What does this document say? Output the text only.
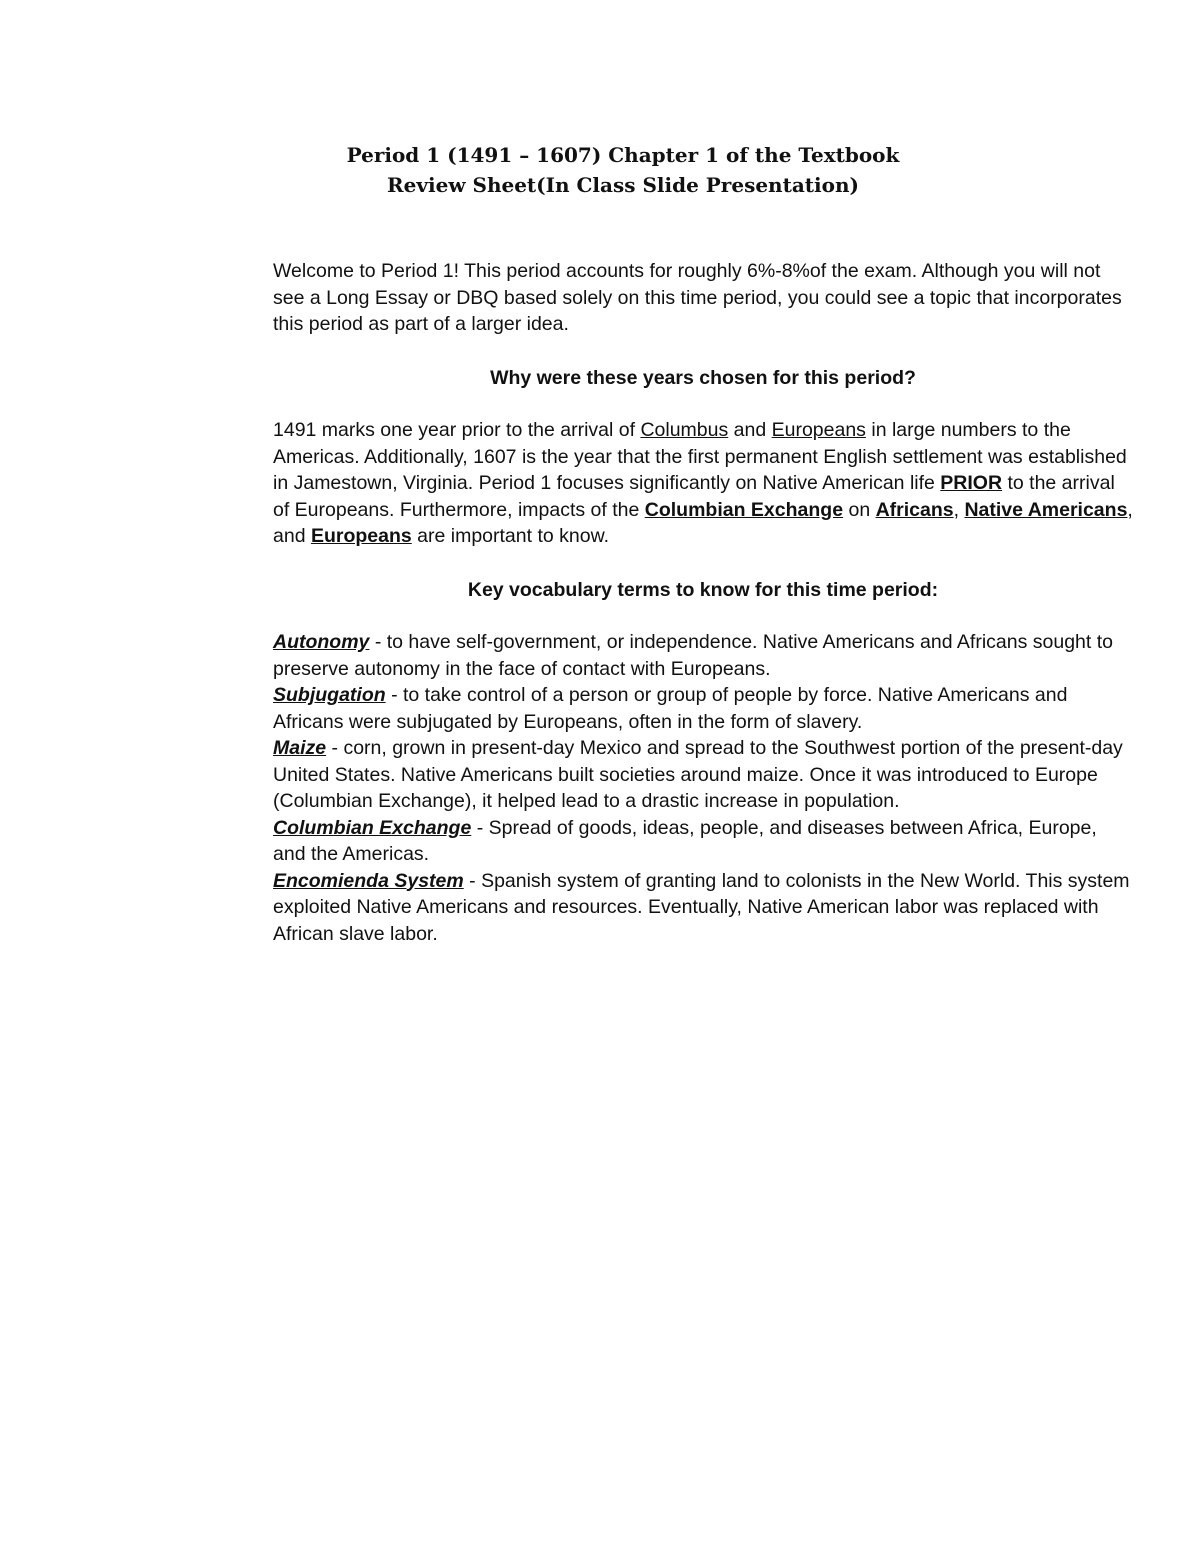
Period 1 (1491 – 1607) Chapter 1 of the Textbook
Review Sheet(In Class Slide Presentation)

Welcome to Period 1! This period accounts for roughly 6%-8%of the exam. Although you will not see a Long Essay or DBQ based solely on this time period, you could see a topic that incorporates this period as part of a larger idea.

Why were these years chosen for this period?

1491 marks one year prior to the arrival of Columbus and Europeans in large numbers to the Americas. Additionally, 1607 is the year that the first permanent English settlement was established in Jamestown, Virginia. Period 1 focuses significantly on Native American life PRIOR to the arrival of Europeans. Furthermore, impacts of the Columbian Exchange on Africans, Native Americans, and Europeans are important to know.

Key vocabulary terms to know for this time period:

Autonomy - to have self-government, or independence. Native Americans and Africans sought to preserve autonomy in the face of contact with Europeans.
Subjugation - to take control of a person or group of people by force. Native Americans and Africans were subjugated by Europeans, often in the form of slavery.
Maize - corn, grown in present-day Mexico and spread to the Southwest portion of the present-day United States. Native Americans built societies around maize. Once it was introduced to Europe (Columbian Exchange), it helped lead to a drastic increase in population.
Columbian Exchange - Spread of goods, ideas, people, and diseases between Africa, Europe, and the Americas.
Encomienda System - Spanish system of granting land to colonists in the New World. This system exploited Native Americans and resources. Eventually, Native American labor was replaced with African slave labor.
